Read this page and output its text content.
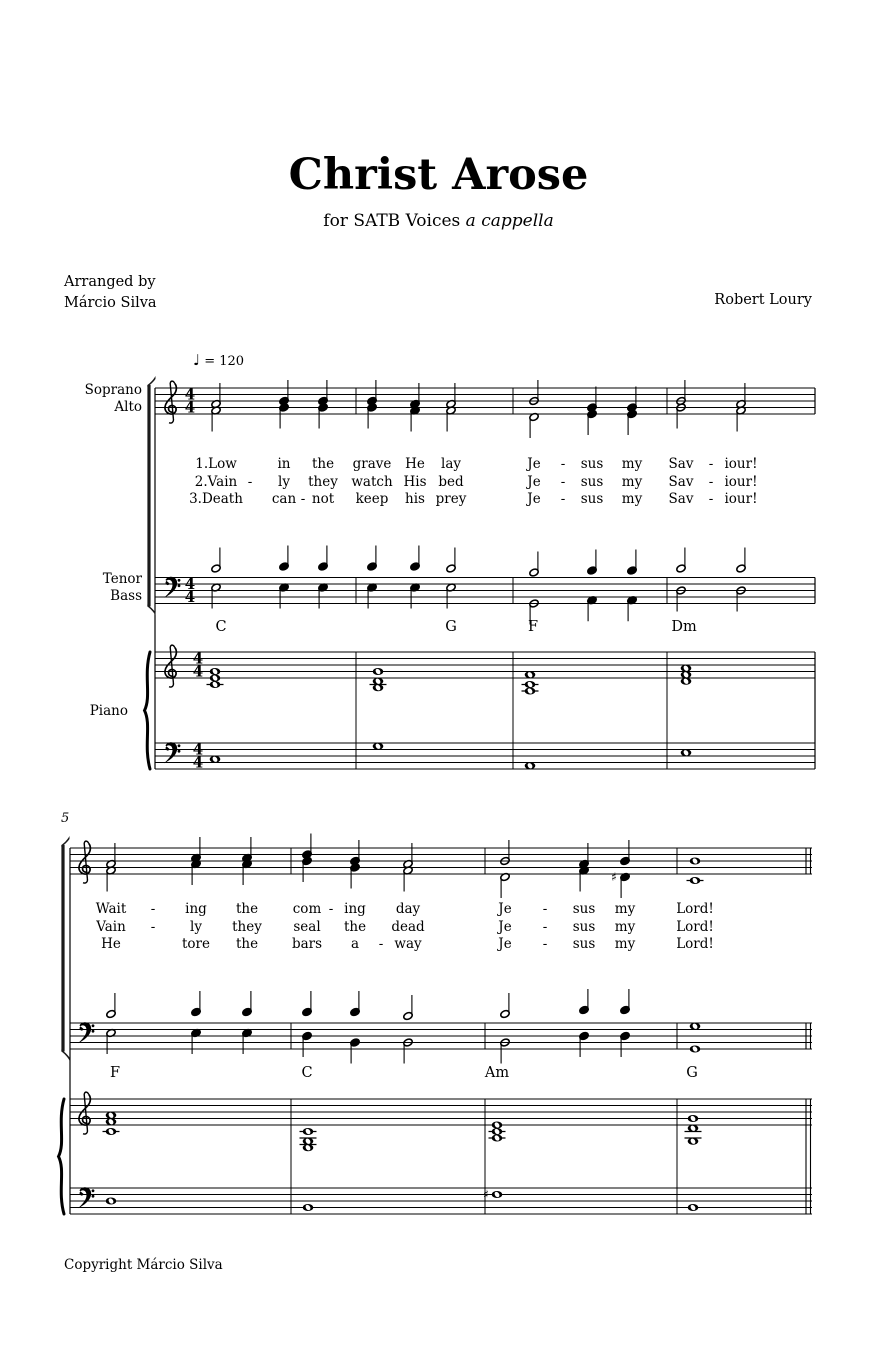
4
4
4
4
4
4
4
4
♯
♯
Christ Arose
for SATB Voices a cappella
Arranged by
Márcio Silva	Robert Loury
♩ = 120
5
Soprano
Alto
Tenor
Bass
Piano
1.Low	in the grave He lay	Je - sus my Sav - iour!
2.Vain - ly they watch His bed	Je - sus my Sav - iour!
3.Death can - not keep his prey	Je - sus my Sav - iour!
Wait - ing the	com - ing day	Je - sus my	Lord!
Vain -	ly they seal the dead	Je - sus my	Lord!
He	tore the	bars a - way	Je - sus my	Lord!
C	G	F	Dm
F	C	Am	G
Copyright Márcio Silva
